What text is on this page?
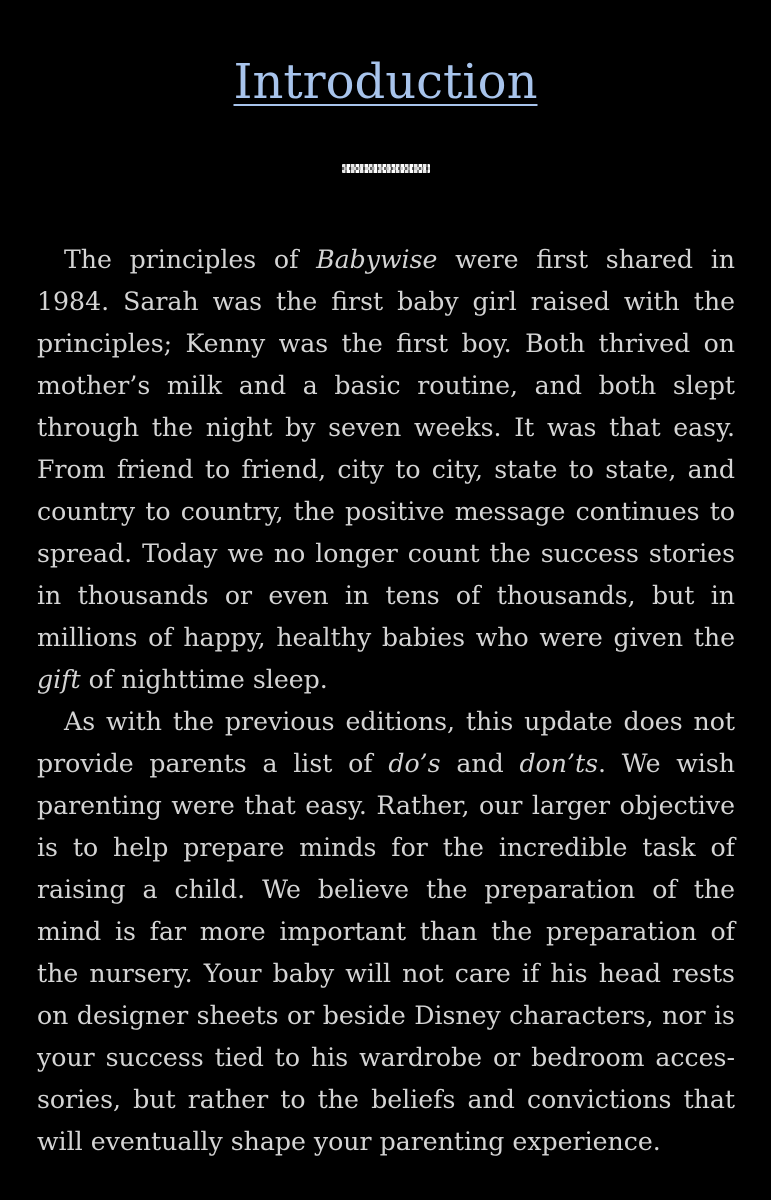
Introduction

The principles of Babywise were first shared in 1984. Sarah was the first baby girl raised with the principles; Kenny was the first boy. Both thrived on mother’s milk and a basic routine, and both slept through the night by seven weeks. It was that easy. From friend to friend, city to city, state to state, and country to country, the positive message continues to spread. Today we no longer count the success stories in thousands or even in tens of thousands, but in millions of happy, healthy babies who were given the gift of nighttime sleep.

As with the previous editions, this update does not provide parents a list of do’s and don’ts. We wish parenting were that easy. Rather, our larger objective is to help prepare minds for the incredible task of raising a child. We believe the preparation of the mind is far more important than the preparation of the nursery. Your baby will not care if his head rests on designer sheets or beside Disney characters, nor is your success tied to his wardrobe or bedroom accessories, but rather to the beliefs and convictions that will eventually shape your parenting experience.
